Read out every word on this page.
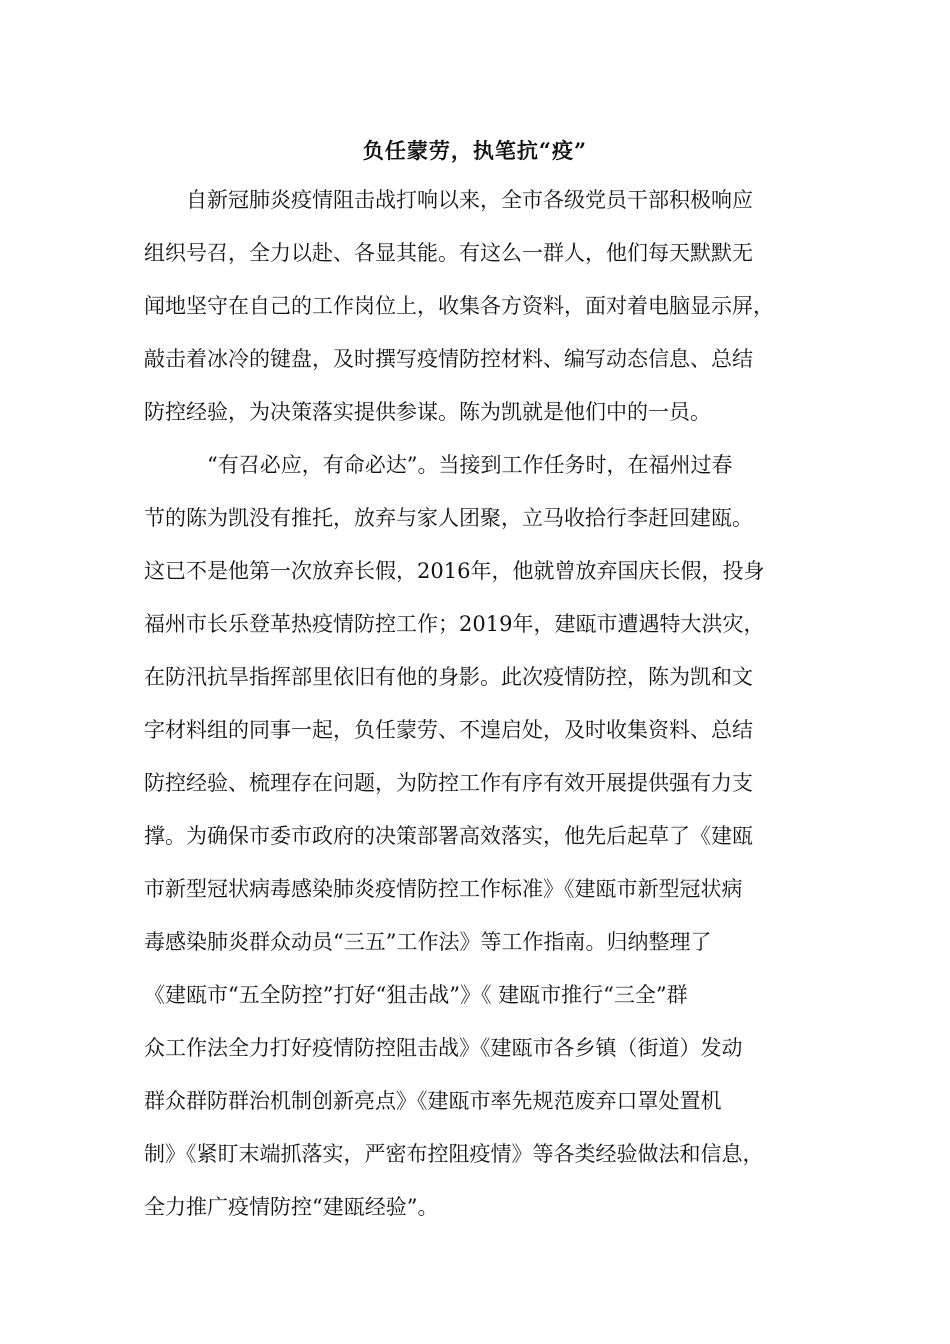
负任蒙劳，执笔抗“疫”
　　自新冠肺炎疫情阻击战打响以来，全市各级党员干部积极响应
组织号召，全力以赴、各显其能。有这么一群人，他们每天默默无
闻地坚守在自己的工作岗位上，收集各方资料，面对着电脑显示屏，
敲击着冰冷的键盘，及时撰写疫情防控材料、编写动态信息、总结
防控经验，为决策落实提供参谋。陈为凯就是他们中的一员。
　　　“有召必应，有命必达”。当接到工作任务时，在福州过春
节的陈为凯没有推托，放弃与家人团聚，立马收拾行李赶回建瓯。
这已不是他第一次放弃长假，2016年，他就曾放弃国庆长假，投身
福州市长乐登革热疫情防控工作；2019年，建瓯市遭遇特大洪灾，
在防汛抗旱指挥部里依旧有他的身影。此次疫情防控，陈为凯和文
字材料组的同事一起，负任蒙劳、不遑启处，及时收集资料、总结
防控经验、梳理存在问题，为防控工作有序有效开展提供强有力支
撑。为确保市委市政府的决策部署高效落实，他先后起草了《建瓯
市新型冠状病毒感染肺炎疫情防控工作标准》《建瓯市新型冠状病
毒感染肺炎群众动员“三五”工作法》等工作指南。归纳整理了
《建瓯市“五全防控”打好“狙击战”》《 建瓯市推行“三全”群
众工作法全力打好疫情防控阻击战》《建瓯市各乡镇（街道）发动
群众群防群治机制创新亮点》《建瓯市率先规范废弃口罩处置机
制》《紧盯末端抓落实，严密布控阻疫情》等各类经验做法和信息，
全力推广疫情防控“建瓯经验”。
